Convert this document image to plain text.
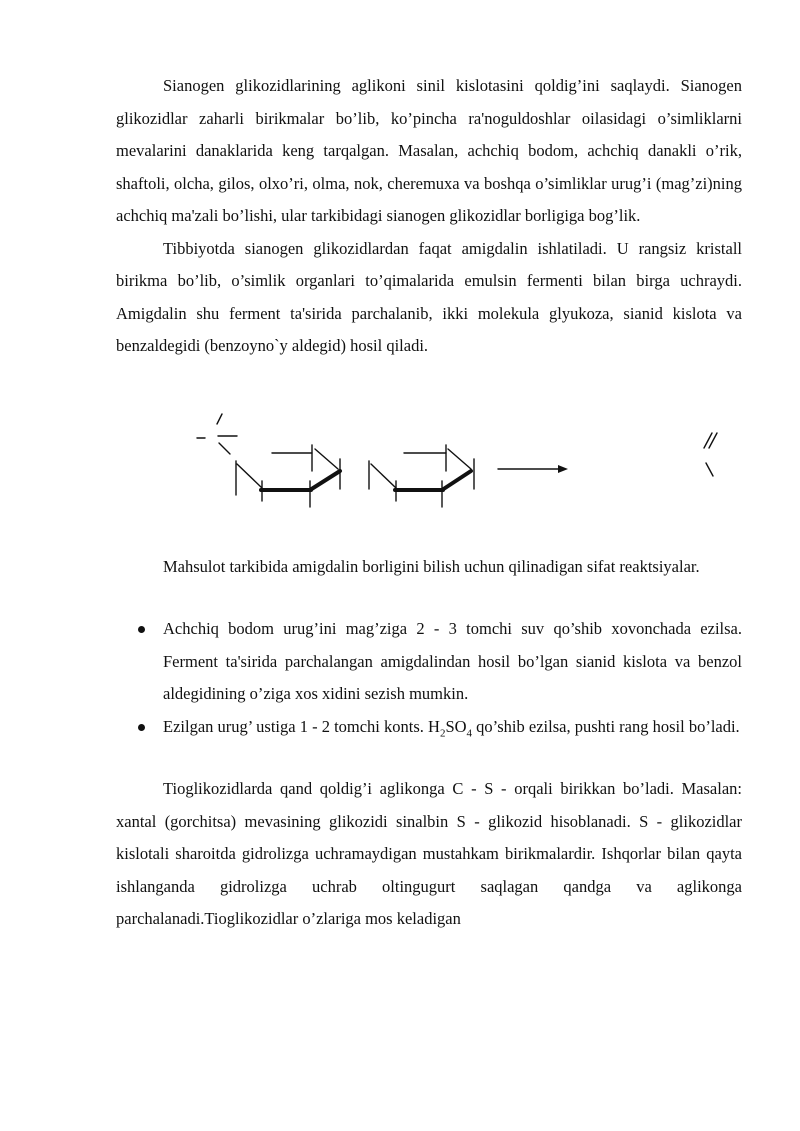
Sianogen glikozidlarining aglikoni sinil kislotasini qoldig’ini saqlaydi. Sianogen glikozidlar zaharli birikmalar bo’lib, ko’pincha ra'noguldoshlar oilasidagi o’simliklarni mevalarini danaklarida keng tarqalgan. Masalan, achchiq bodom, achchiq danakli o’rik, shaftoli, olcha, gilos, olxo’ri, olma, nok, cheremuxa va boshqa o’simliklar urug’i (mag’zi)ning achchiq ma'zali bo’lishi, ular tarkibidagi sianogen glikozidlar borligiga bog’lik.

Tibbiyotda sianogen glikozidlardan faqat amigdalin ishlatiladi. U rangsiz kristall birikma bo’lib, o’simlik organlari to’qimalarida emulsin fermenti bilan birga uchraydi. Amigdalin shu ferment ta'sirida parchalanib, ikki molekula glyukoza, sianid kislota va benzaldegidi (benzoyno`y aldegid) hosil qiladi.

Mahsulot tarkibida amigdalin borligini bilish uchun qilinadigan sifat reaktsiyalar.

Achchiq bodom urug’ini mag’ziga 2 - 3 tomchi suv qo’shib xovonchada ezilsa. Ferment ta'sirida parchalangan amigdalindan hosil bo’lgan sianid kislota va benzol aldegidining o’ziga xos xidini sezish mumkin.
Ezilgan urug’ ustiga 1 - 2 tomchi konts. $H_2SO_4$ qo’shib ezilsa, pushti rang hosil bo’ladi.

Tioglikozidlarda qand qoldig’i aglikonga C - S - orqali birikkan bo’ladi. Masalan: xantal (gorchitsa) mevasining glikozidi sinalbin S - glikozid hisoblanadi. S - glikozidlar kislotali sharoitda gidrolizga uchramaydigan mustahkam birikmalardir. Ishqorlar bilan qayta ishlanganda gidrolizga uchrab oltingugurt saqlagan qandga va aglikonga parchalanadi.Tioglikozidlar o’zlariga mos keladigan
